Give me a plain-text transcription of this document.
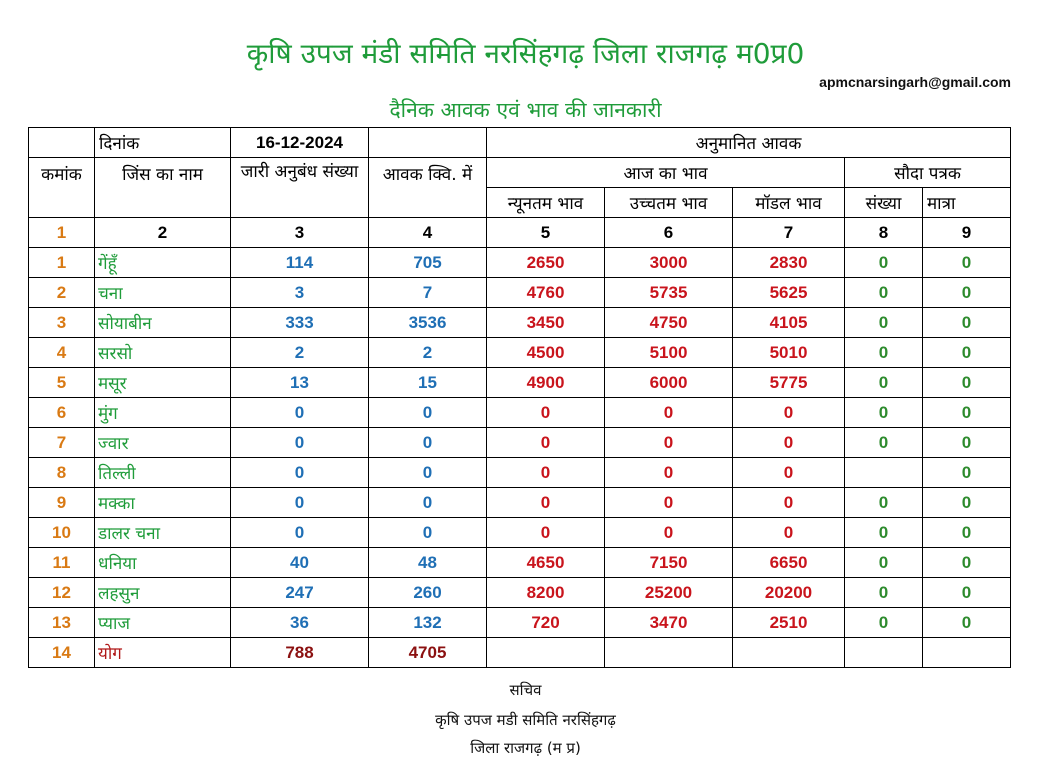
कृषि उपज मंडी समिति नरसिंहगढ़ जिला राजगढ़ म0प्र0
apmcnarsingarh@gmail.com
दैनिक आवक एवं भाव की जानकारी
	दिनांक	16-12-2024		अनुमानित आवक				
कमांक	जिंस का नाम	जारी अनुबंध संख्या	आवक क्वि. में	आज का भाव			सौदा पत्रक	
				न्यूनतम भाव	उच्चतम भाव	मॉडल भाव	संख्या	मात्रा
1	2	3	4	5	6	7	8	9
1	गेंहूँ	114	705	2650	3000	2830	0	0
2	चना	3	7	4760	5735	5625	0	0
3	सोयाबीन	333	3536	3450	4750	4105	0	0
4	सरसो	2	2	4500	5100	5010	0	0
5	मसूर	13	15	4900	6000	5775	0	0
6	मुंग	0	0	0	0	0	0	0
7	ज्वार	0	0	0	0	0	0	0
8	तिल्ली	0	0	0	0	0		0
9	मक्का	0	0	0	0	0	0	0
10	डालर चना	0	0	0	0	0	0	0
11	धनिया	40	48	4650	7150	6650	0	0
12	लहसुन	247	260	8200	25200	20200	0	0
13	प्याज	36	132	720	3470	2510	0	0
14	योग	788	4705					
सचिव
कृषि उपज मडी समिति नरसिंहगढ़
जिला राजगढ़ (म प्र)
